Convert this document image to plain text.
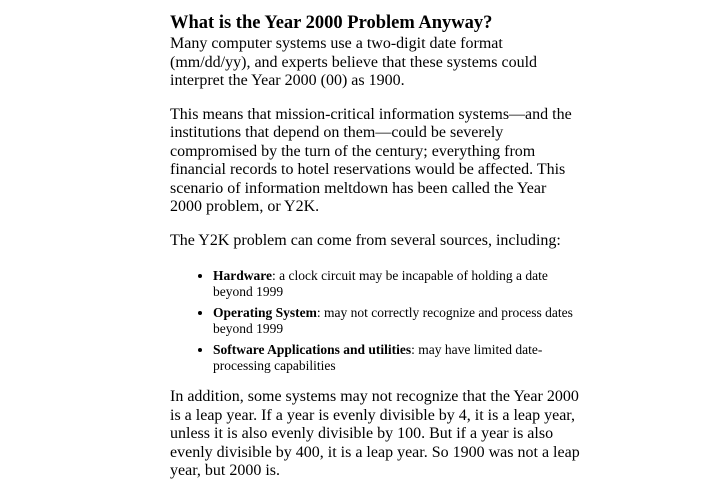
What is the Year 2000 Problem Anyway?

Many computer systems use a two-digit date format (mm/dd/yy), and experts believe that these systems could interpret the Year 2000 (00) as 1900.

This means that mission-critical information systems—and the institutions that depend on them—could be severely compromised by the turn of the century; everything from financial records to hotel reservations would be affected. This scenario of information meltdown has been called the Year 2000 problem, or Y2K.

The Y2K problem can come from several sources, including:

• Hardware: a clock circuit may be incapable of holding a date beyond 1999
• Operating System: may not correctly recognize and process dates beyond 1999
• Software Applications and utilities: may have limited date-processing capabilities

In addition, some systems may not recognize that the Year 2000 is a leap year. If a year is evenly divisible by 4, it is a leap year, unless it is also evenly divisible by 100. But if a year is also evenly divisible by 400, it is a leap year. So 1900 was not a leap year, but 2000 is.
